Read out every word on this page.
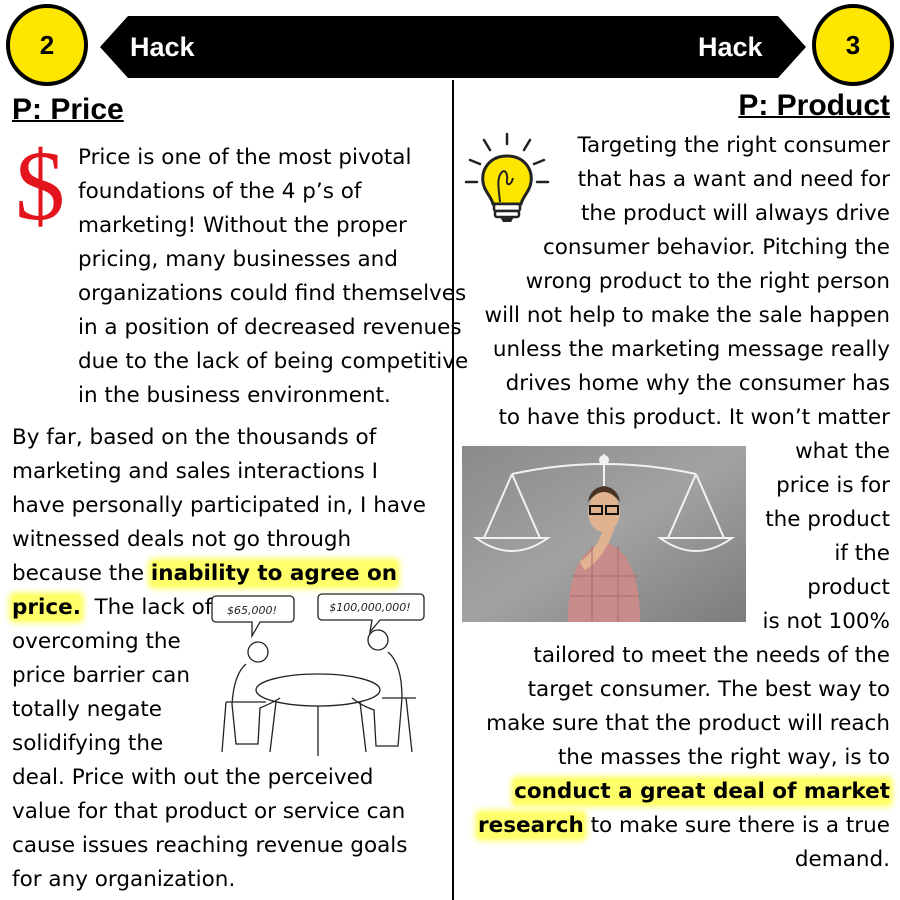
2	3
Hack	Hack
P: Price
$ Price is one of the most pivotal
foundations of the 4 p’s of
marketing! Without the proper
pricing, many businesses and
organizations could find themselves
in a position of decreased revenues
due to the lack of being competitive
in the business environment.
By far, based on the thousands of
marketing and sales interactions I
have personally participated in, I have
witnessed deals not go through
because the inability to agree on
price.  The lack of
overcoming the
price barrier can
totally negate
solidifying the
deal. Price with out the perceived
value for that product or service can
cause issues reaching revenue goals
for any organization.
$65,000!	$100,000,000!
P: Product
Targeting the right consumer
that has a want and need for
the product will always drive
consumer behavior. Pitching the
wrong product to the right person
will not help to make the sale happen
unless the marketing message really
drives home why the consumer has
to have this product. It won’t matter
what the
price is for
the product
if the
product
is not 100%
tailored to meet the needs of the
target consumer. The best way to
make sure that the product will reach
the masses the right way, is to
conduct a great deal of market
research to make sure there is a true
demand.
